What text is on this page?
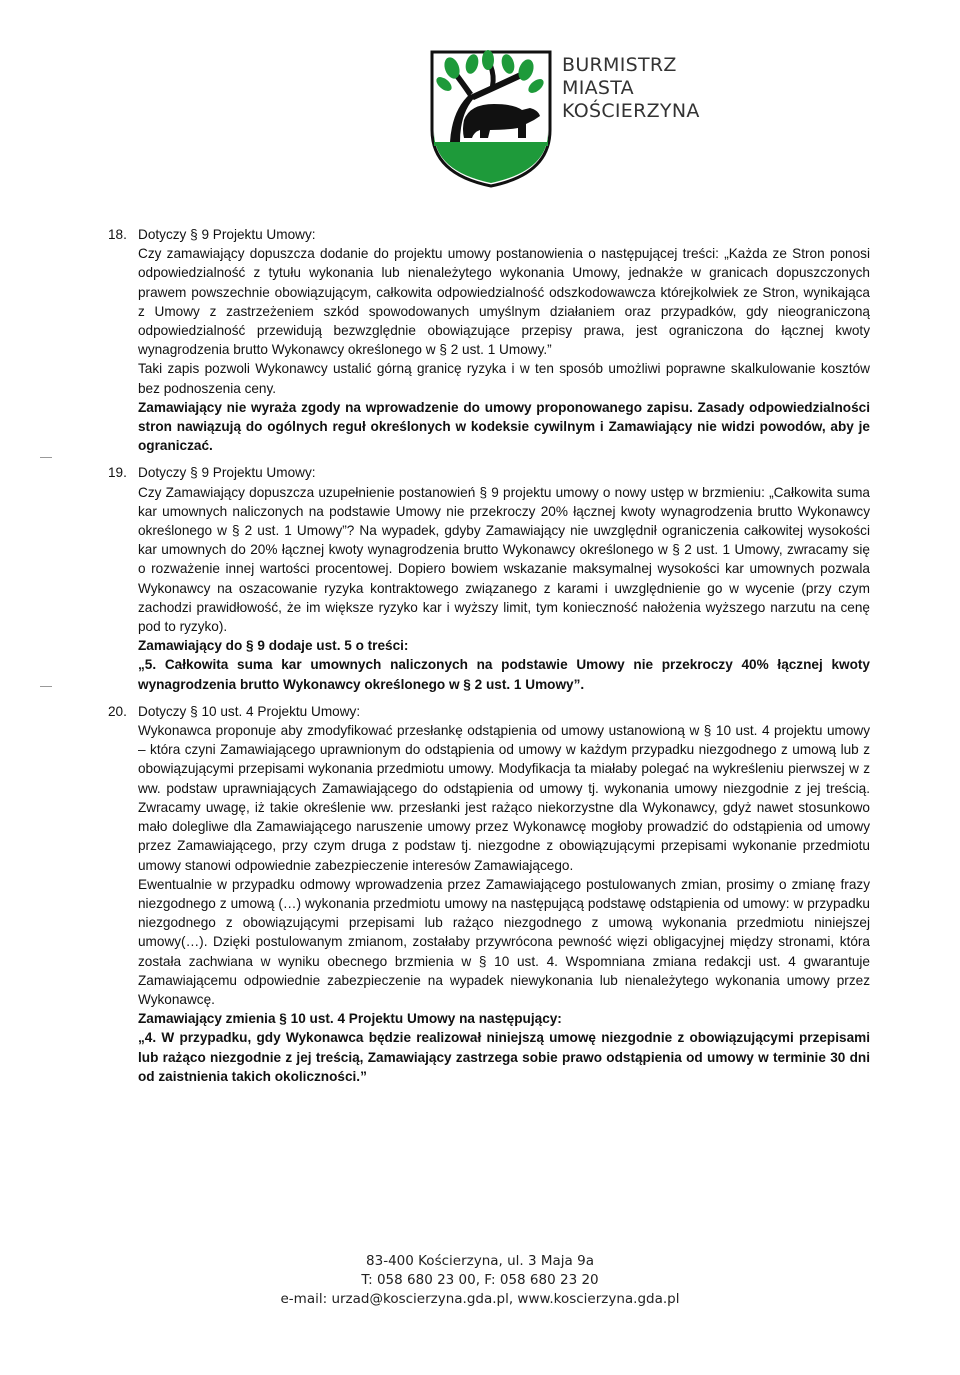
BURMISTRZ
MIASTA
KOŚCIERZYNA
18. Dotyczy § 9 Projektu Umowy:

Czy zamawiający dopuszcza dodanie do projektu umowy postanowienia o następującej treści: „Każda ze Stron ponosi odpowiedzialność z tytułu wykonania lub nienależytego wykonania Umowy, jednakże w granicach dopuszczonych prawem powszechnie obowiązującym, całkowita odpowiedzialność odszkodowawcza którejkolwiek ze Stron, wynikająca z Umowy z zastrzeżeniem szkód spowodowanych umyślnym działaniem oraz przypadków, gdy nieograniczoną odpowiedzialność przewidują bezwzględnie obowiązujące przepisy prawa, jest ograniczona do łącznej kwoty wynagrodzenia brutto Wykonawcy określonego w § 2 ust. 1 Umowy.”

Taki zapis pozwoli Wykonawcy ustalić górną granicę ryzyka i w ten sposób umożliwi poprawne skalkulowanie kosztów bez podnoszenia ceny.

Zamawiający nie wyraża zgody na wprowadzenie do umowy proponowanego zapisu. Zasady odpowiedzialności stron nawiązują do ogólnych reguł określonych w kodeksie cywilnym i Zamawiający nie widzi powodów, aby je ograniczać.

19. Dotyczy § 9 Projektu Umowy:

Czy Zamawiający dopuszcza uzupełnienie postanowień § 9 projektu umowy o nowy ustęp w brzmieniu: „Całkowita suma kar umownych naliczonych na podstawie Umowy nie przekroczy 20% łącznej kwoty wynagrodzenia brutto Wykonawcy określonego w § 2 ust. 1 Umowy”? Na wypadek, gdyby Zamawiający nie uwzględnił ograniczenia całkowitej wysokości kar umownych do 20% łącznej kwoty wynagrodzenia brutto Wykonawcy określonego w § 2 ust. 1 Umowy, zwracamy się o rozważenie innej wartości procentowej. Dopiero bowiem wskazanie maksymalnej wysokości kar umownych pozwala Wykonawcy na oszacowanie ryzyka kontraktowego związanego z karami i uwzględnienie go w wycenie (przy czym zachodzi prawidłowość, że im większe ryzyko kar i wyższy limit, tym konieczność nałożenia wyższego narzutu na cenę pod to ryzyko).

Zamawiający do § 9 dodaje ust. 5 o treści:

„5. Całkowita suma kar umownych naliczonych na podstawie Umowy nie przekroczy 40% łącznej kwoty wynagrodzenia brutto Wykonawcy określonego w § 2 ust. 1 Umowy”.

20. Dotyczy § 10 ust. 4 Projektu Umowy:

Wykonawca proponuje aby zmodyfikować przesłankę odstąpienia od umowy ustanowioną w § 10 ust. 4 projektu umowy – która czyni Zamawiającego uprawnionym do odstąpienia od umowy w każdym przypadku niezgodnego z umową lub z obowiązującymi przepisami wykonania przedmiotu umowy. Modyfikacja ta miałaby polegać na wykreśleniu pierwszej w z ww. podstaw uprawniających Zamawiającego do odstąpienia od umowy tj. wykonania umowy niezgodnie z jej treścią. Zwracamy uwagę, iż takie określenie ww. przesłanki jest rażąco niekorzystne dla Wykonawcy, gdyż nawet stosunkowo mało dolegliwe dla Zamawiającego naruszenie umowy przez Wykonawcę mogłoby prowadzić do odstąpienia od umowy przez Zamawiającego, przy czym druga z podstaw tj. niezgodne z obowiązującymi przepisami wykonanie przedmiotu umowy stanowi odpowiednie zabezpieczenie interesów Zamawiającego.

Ewentualnie w przypadku odmowy wprowadzenia przez Zamawiającego postulowanych zmian, prosimy o zmianę frazy niezgodnego z umową (…) wykonania przedmiotu umowy na następującą podstawę odstąpienia od umowy: w przypadku niezgodnego z obowiązującymi przepisami lub rażąco niezgodnego z umową wykonania przedmiotu niniejszej umowy(…). Dzięki postulowanym zmianom, zostałaby przywrócona pewność więzi obligacyjnej między stronami, która została zachwiana w wyniku obecnego brzmienia w § 10 ust. 4. Wspomniana zmiana redakcji ust. 4 gwarantuje Zamawiającemu odpowiednie zabezpieczenie na wypadek niewykonania lub nienależytego wykonania umowy przez Wykonawcę.

Zamawiający zmienia § 10 ust. 4 Projektu Umowy na następujący:

„4. W przypadku, gdy Wykonawca będzie realizował niniejszą umowę niezgodnie z obowiązującymi przepisami lub rażąco niezgodnie z jej treścią, Zamawiający zastrzega sobie prawo odstąpienia od umowy w terminie 30 dni od zaistnienia takich okoliczności.”

83-400 Kościerzyna, ul. 3 Maja 9a
T: 058 680 23 00, F: 058 680 23 20
e-mail: urzad@koscierzyna.gda.pl, www.koscierzyna.gda.pl
